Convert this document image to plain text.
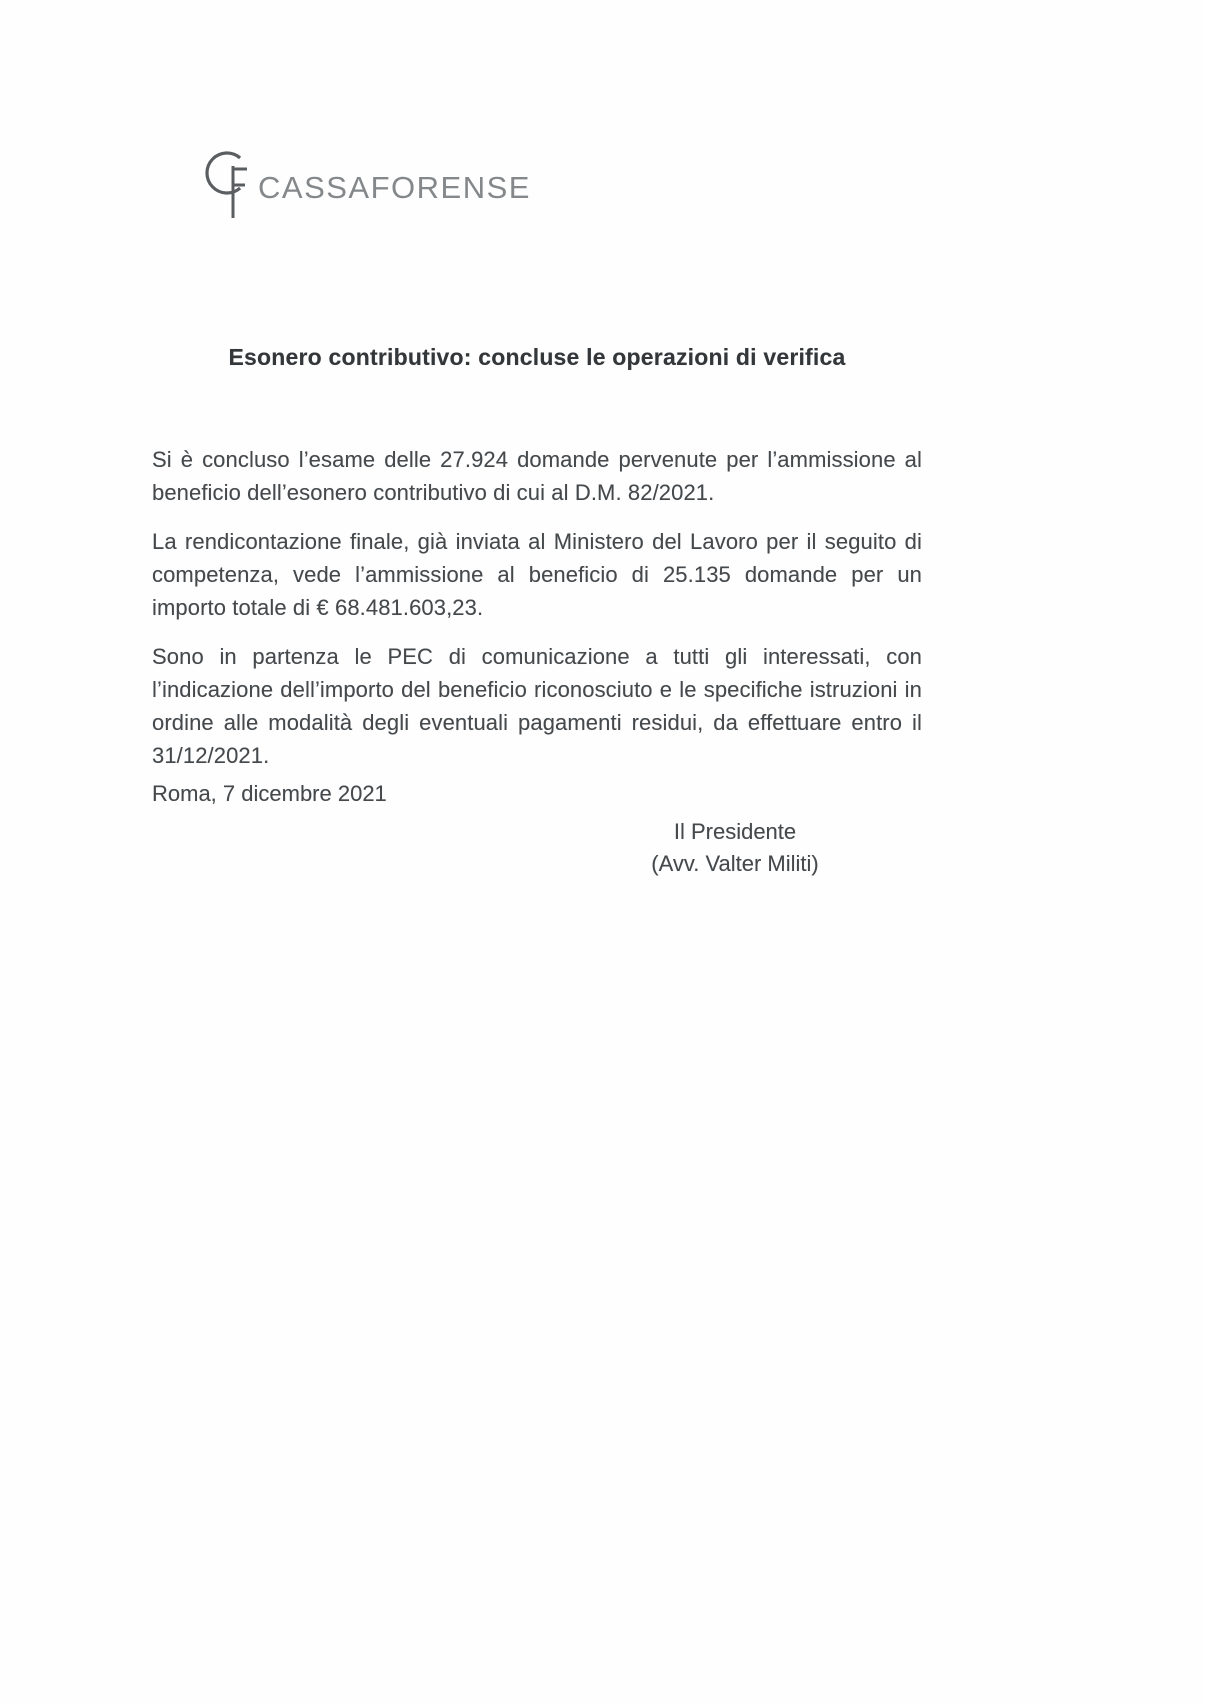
CASSAFORENSE
Esonero contributivo: concluse le operazioni di verifica

Si è concluso l’esame delle 27.924 domande pervenute per l’ammissione al beneficio dell’esonero contributivo di cui al D.M. 82/2021.

La rendicontazione finale, già inviata al Ministero del Lavoro per il seguito di competenza, vede l’ammissione al beneficio di 25.135 domande per un importo totale di € 68.481.603,23.

Sono in partenza le PEC di comunicazione a tutti gli interessati, con l’indicazione dell’importo del beneficio riconosciuto e le specifiche istruzioni in ordine alle modalità degli eventuali pagamenti residui, da effettuare entro il 31/12/2021.

Roma, 7 dicembre 2021
Il Presidente
(Avv. Valter Militi)
